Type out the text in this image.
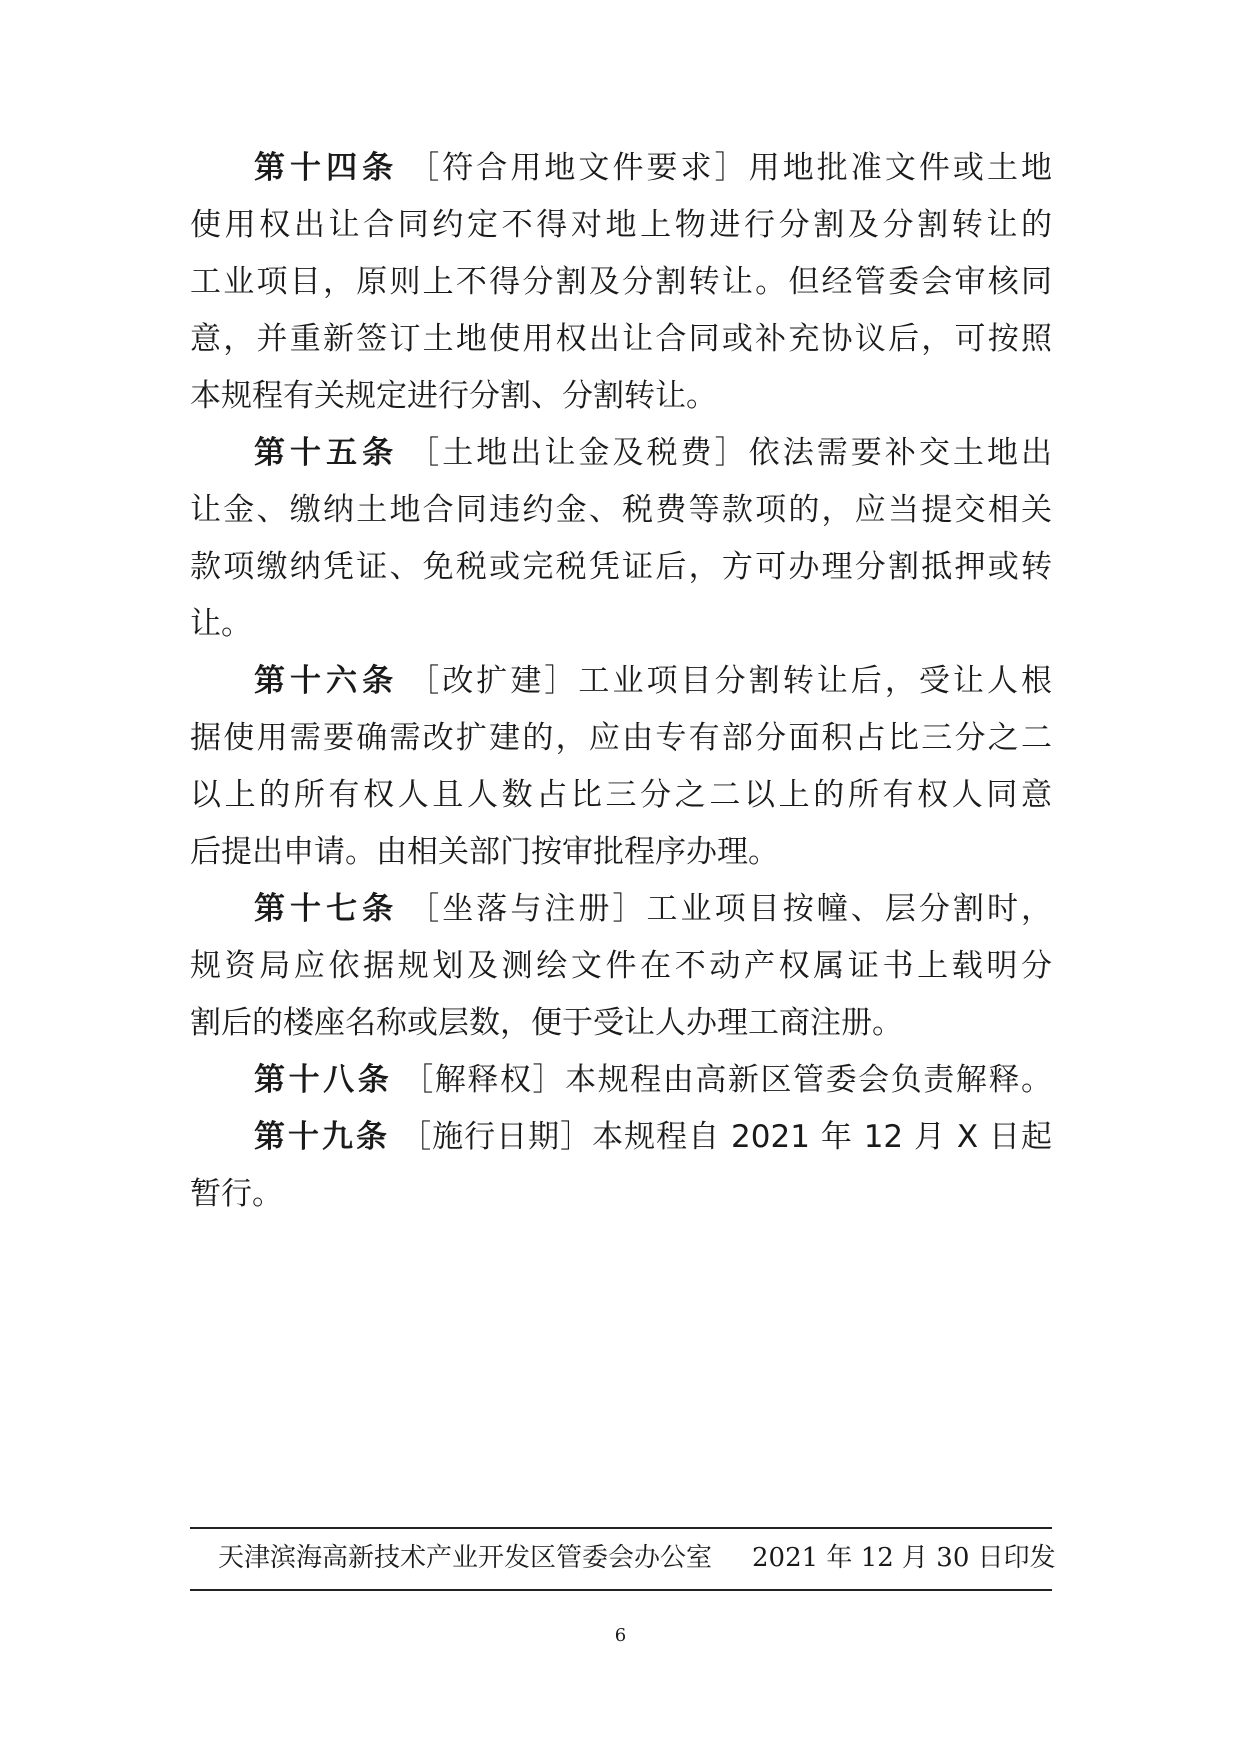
第十四条 ［符合用地文件要求］用地批准文件或土地
使用权出让合同约定不得对地上物进行分割及分割转让的
工业项目，原则上不得分割及分割转让。但经管委会审核同
意，并重新签订土地使用权出让合同或补充协议后，可按照
本规程有关规定进行分割、分割转让。
第十五条 ［土地出让金及税费］依法需要补交土地出
让金、缴纳土地合同违约金、税费等款项的，应当提交相关
款项缴纳凭证、免税或完税凭证后，方可办理分割抵押或转
让。
第十六条 ［改扩建］工业项目分割转让后，受让人根
据使用需要确需改扩建的，应由专有部分面积占比三分之二
以上的所有权人且人数占比三分之二以上的所有权人同意
后提出申请。由相关部门按审批程序办理。
第十七条 ［坐落与注册］工业项目按幢、层分割时，
规资局应依据规划及测绘文件在不动产权属证书上载明分
割后的楼座名称或层数，便于受让人办理工商注册。
第十八条 ［解释权］本规程由高新区管委会负责解释。
第十九条 ［施行日期］本规程自 2021 年 12 月 X 日起
暂行。
天津滨海高新技术产业开发区管委会办公室 2021 年 12 月 30 日印发
6
